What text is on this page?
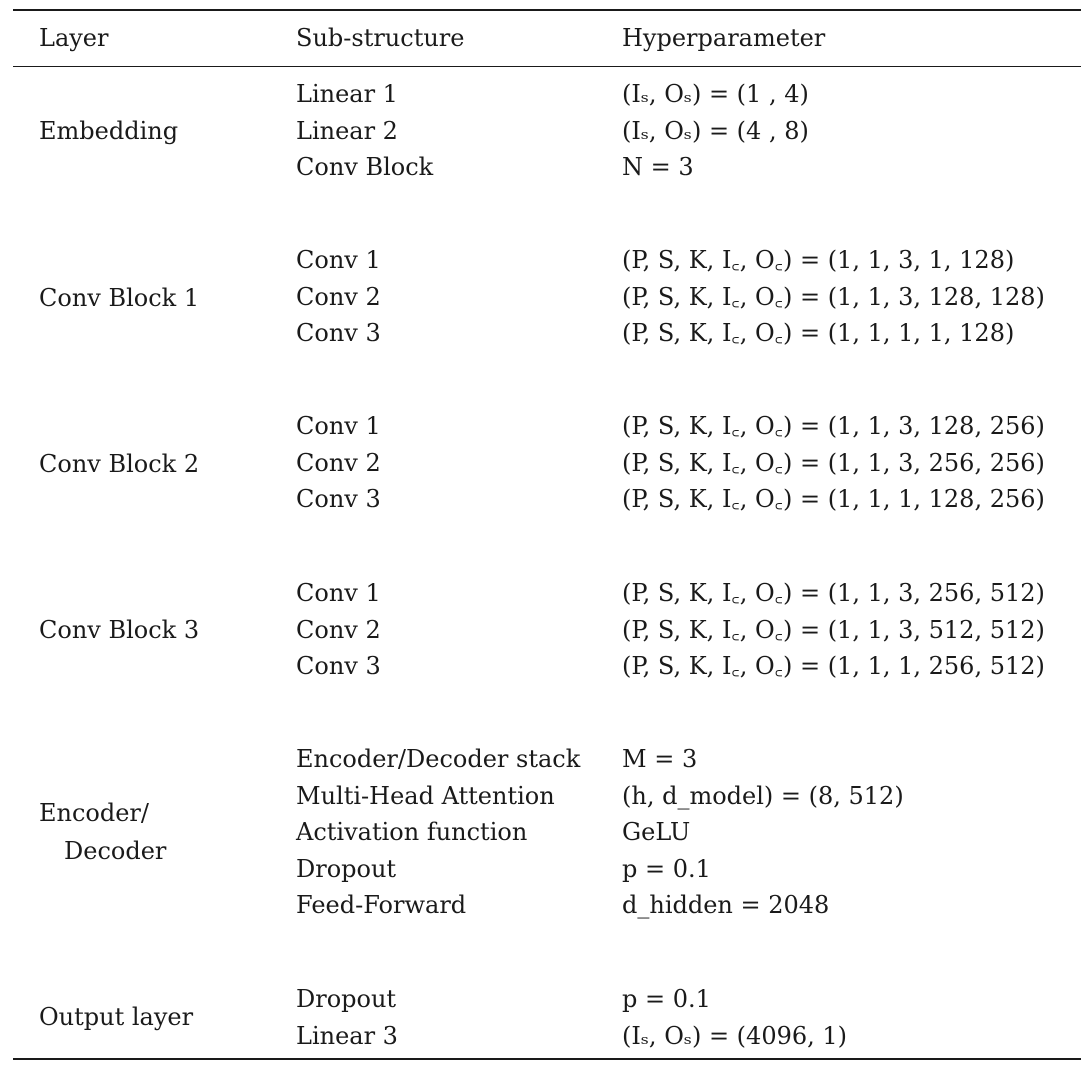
Layer	Sub-structure	Hyperparameter
Embedding
Linear 1
Linear 2
Conv Block
(Iₛ, Oₛ) = (1 , 4)
(Iₛ, Oₛ) = (4 , 8)
N = 3
Conv Block 1
Conv 1
Conv 2
Conv 3
(P, S, K, I꜀, O꜀) = (1, 1, 3, 1, 128)
(P, S, K, I꜀, O꜀) = (1, 1, 3, 128, 128)
(P, S, K, I꜀, O꜀) = (1, 1, 1, 1, 128)
Conv Block 2
Conv 1
Conv 2
Conv 3
(P, S, K, I꜀, O꜀) = (1, 1, 3, 128, 256)
(P, S, K, I꜀, O꜀) = (1, 1, 3, 256, 256)
(P, S, K, I꜀, O꜀) = (1, 1, 1, 128, 256)
Conv Block 3
Conv 1
Conv 2
Conv 3
(P, S, K, I꜀, O꜀) = (1, 1, 3, 256, 512)
(P, S, K, I꜀, O꜀) = (1, 1, 3, 512, 512)
(P, S, K, I꜀, O꜀) = (1, 1, 1, 256, 512)
Encoder/
Decoder
Encoder/Decoder stack
Multi-Head Attention
Activation function
Dropout
Feed-Forward
M = 3
(h, d_model) = (8, 512)
GeLU
p = 0.1
d_hidden = 2048
Output layer
Dropout
Linear 3
p = 0.1
(Iₛ, Oₛ) = (4096, 1)
